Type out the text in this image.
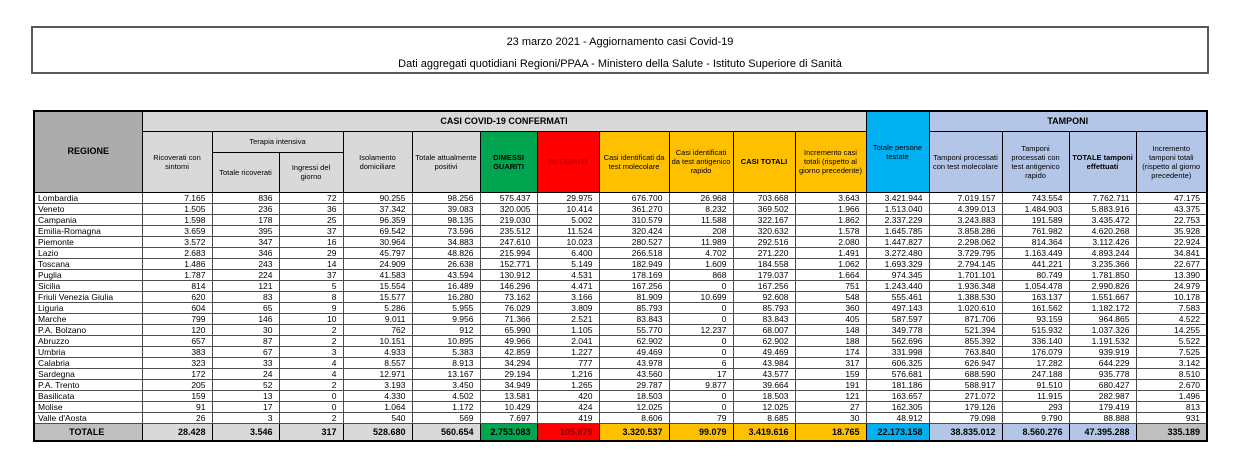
23 marzo 2021 - Aggiornamento casi Covid-19
Dati aggregati quotidiani Regioni/PPAA - Ministero della Salute - Istituto Superiore di Sanità
REGIONE	CASI COVID-19 CONFERMATI											Totale persone testate	TAMPONI			
	Ricoverati con sintomi	Terapia intensiva		Isolamento domiciliare	Totale attualmente positivi	DIMESSI GUARITI	DECEDUTI	Casi identificati da test molecolare	Casi identificati da test antigenico rapido	CASI TOTALI	Incremento casi totali (rispetto al giorno precedente)		Tamponi processati con test molecolare	Tamponi processati con test antigenico rapido	TOTALE tamponi effettuati	Incremento tamponi totali (rispetto al giorno precedente)
		Totale ricoverati	Ingressi del giorno													
Lombardia	7.165	836	72	90.255	98.256	575.437	29.975	676.700	26.968	703.668	3.643	3.421.944	7.019.157	743.554	7.762.711	47.175
Veneto	1.505	236	36	37.342	39.083	320.005	10.414	361.270	8.232	369.502	1.966	1.513.040	4.399.013	1.484.903	5.883.916	43.375
Campania	1.598	178	25	96.359	98.135	219.030	5.002	310.579	11.588	322.167	1.862	2.337.229	3.243.883	191.589	3.435.472	22.753
Emilia-Romagna	3.659	395	37	69.542	73.596	235.512	11.524	320.424	208	320.632	1.578	1.645.785	3.858.286	761.982	4.620.268	35.928
Piemonte	3.572	347	16	30.964	34.883	247.610	10.023	280.527	11.989	292.516	2.080	1.447.827	2.298.062	814.364	3.112.426	22.924
Lazio	2.683	346	29	45.797	48.826	215.994	6.400	266.518	4.702	271.220	1.491	3.272.480	3.729.795	1.163.449	4.893.244	34.841
Toscana	1.486	243	14	24.909	26.638	152.771	5.149	182.949	1.609	184.558	1.062	1.693.329	2.794.145	441.221	3.235.366	22.677
Puglia	1.787	224	37	41.583	43.594	130.912	4.531	178.169	868	179.037	1.664	974.345	1.701.101	80.749	1.781.850	13.390
Sicilia	814	121	5	15.554	16.489	146.296	4.471	167.256	0	167.256	751	1.243.440	1.936.348	1.054.478	2.990.826	24.979
Friuli Venezia Giulia	620	83	8	15.577	16.280	73.162	3.166	81.909	10.699	92.608	548	555.461	1.388.530	163.137	1.551.667	10.178
Liguria	604	65	9	5.286	5.955	76.029	3.809	85.793	0	85.793	360	497.143	1.020.610	161.562	1.182.172	7.583
Marche	799	146	10	9.011	9.956	71.366	2.521	83.843	0	83.843	405	587.597	871.706	93.159	964.865	4.522
P.A. Bolzano	120	30	2	762	912	65.990	1.105	55.770	12.237	68.007	148	349.778	521.394	515.932	1.037.326	14.255
Abruzzo	657	87	2	10.151	10.895	49.966	2.041	62.902	0	62.902	188	562.696	855.392	336.140	1.191.532	5.522
Umbria	383	67	3	4.933	5.383	42.859	1.227	49.469	0	49.469	174	331.998	763.840	176.079	939.919	7.525
Calabria	323	33	4	8.557	8.913	34.294	777	43.978	6	43.984	317	606.325	626.947	17.282	644.229	3.142
Sardegna	172	24	4	12.971	13.167	29.194	1.216	43.560	17	43.577	159	576.681	688.590	247.188	935.778	8.510
P.A. Trento	205	52	2	3.193	3.450	34.949	1.265	29.787	9.877	39.664	191	181.186	588.917	91.510	680.427	2.670
Basilicata	159	13	0	4.330	4.502	13.581	420	18.503	0	18.503	121	163.657	271.072	11.915	282.987	1.496
Molise	91	17	0	1.064	1.172	10.429	424	12.025	0	12.025	27	162.305	179.126	293	179.419	813
Valle d'Aosta	26	3	2	540	569	7.697	419	8.606	79	8.685	30	48.912	79.098	9.790	88.888	931
TOTALE	28.428	3.546	317	528.680	560.654	2.753.083	105.879	3.320.537	99.079	3.419.616	18.765	22.173.158	38.835.012	8.560.276	47.395.288	335.189
